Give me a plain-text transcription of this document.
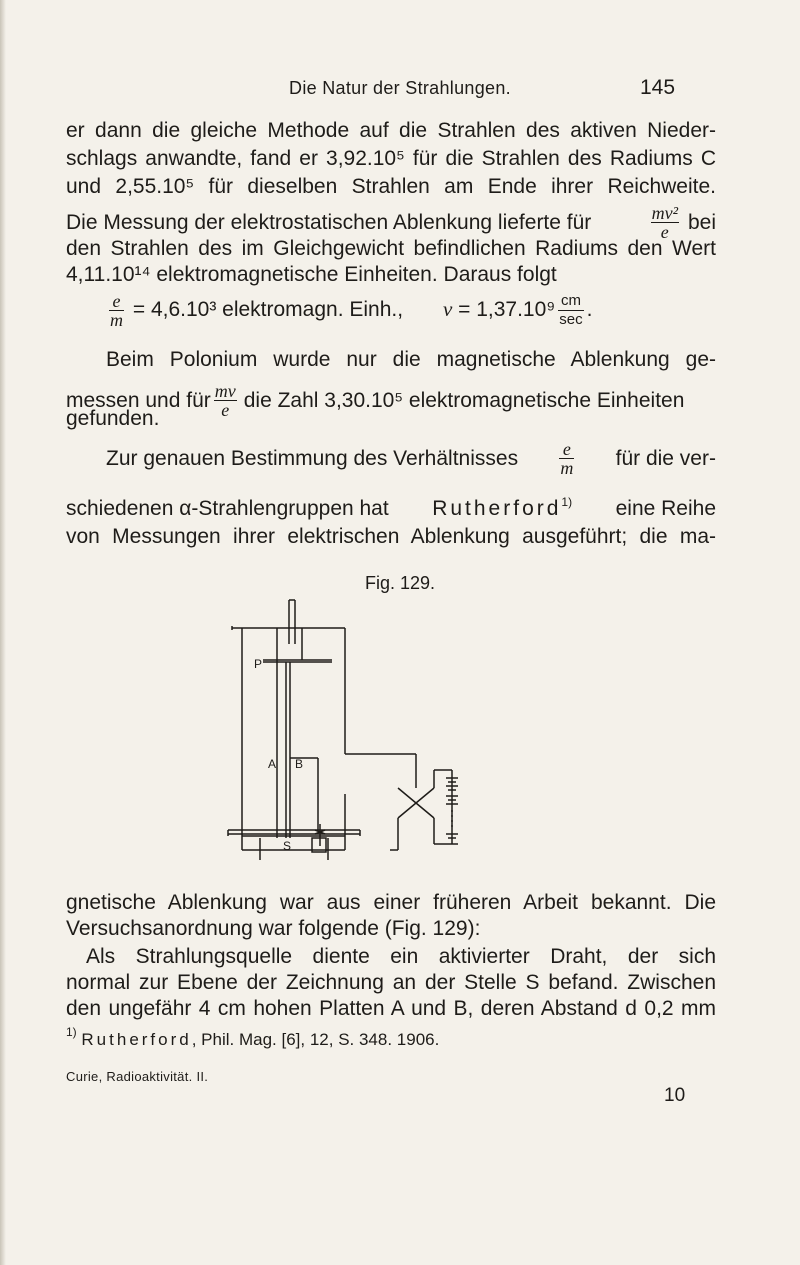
Die Natur der Strahlungen.	145
er dann die gleiche Methode auf die Strahlen des aktiven Nieder-
schlags anwandte, fand er 3,92.10⁵ für die Strahlen des Radiums C
und 2,55.10⁵ für dieselben Strahlen am Ende ihrer Reichweite.
Die Messung der elektrostatischen Ablenkung lieferte für	$\frac{\text{mv²}}{e}$ bei
den Strahlen des im Gleichgewicht befindlichen Radiums den Wert
4,11.10¹⁴ elektromagnetische Einheiten. Daraus folgt
$\frac{e}{m} = 4,6.10^3$ elektromagn. Einh., $v = 1,37.10^9 \frac{cm}{\sec}$ .
Beim Polonium wurde nur die magnetische Ablenkung ge-
messen und für $\frac{mv}{e}$ die Zahl 3,30.10⁵ elektromagnetische Einheiten
gefunden.
Zur genauen Bestimmung des Verhältnisses $\frac{e}{m}$ für die ver-
schiedenen α-Strahlengruppen hat Rutherford$^{1)}$ eine Reihe
von Messungen ihrer elektrischen Ablenkung ausgeführt; die ma-
Fig. 129.
P
A B
S
gnetische Ablenkung war aus einer früheren Arbeit bekannt. Die
Versuchsanordnung war folgende (Fig. 129):
Als Strahlungsquelle diente ein aktivierter Draht, der sich
normal zur Ebene der Zeichnung an der Stelle S befand. Zwischen
den ungefähr 4 cm hohen Platten A und B, deren Abstand d 0,2 mm
$^{1)}$ Rutherford, Phil. Mag. [6], 12, S. 348. 1906.
Curie, Radioaktivität. II.
10
